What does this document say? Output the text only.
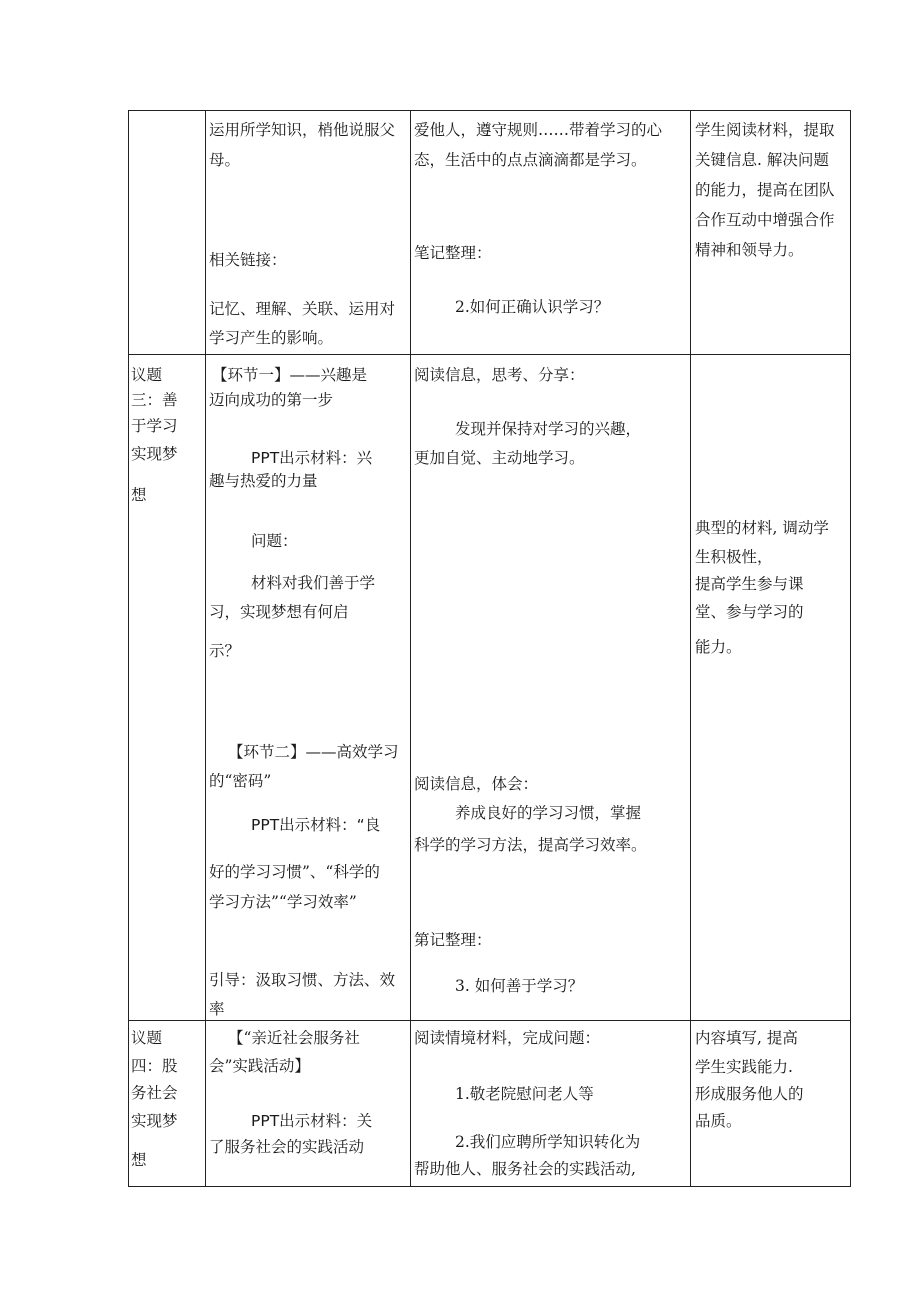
运用所学知识，梢他说服父
母。
相关链接：
记忆、理解、关联、运用对
学习产生的影响。
爱他人，遵守规则……带着学习的心
态，生活中的点点滴滴都是学习。
笔记整理：
2.如何正确认识学习？
学生阅读材料，提取
关键信息. 解决问题
的能力，提高在团队
合作互动中增强合作
精神和领导力。
议题
三：善
于学习
实现梦
想
【环节一】——兴趣是
迈向成功的第一步
PPT出示材料：兴
趣与热爱的力量
问题：
材料对我们善于学
习，实现梦想有何启
示？
【环节二】——高效学习
的“密码”
PPT出示材料：“良
好的学习习惯”、“科学的
学习方法”“学习效率”
引导：汲取习惯、方法、效
率
阅读信息，思考、分享：
发现并保持对学习的兴趣，
更加自觉、主动地学习。
阅读信息，体会：
养成良好的学习习惯，掌握
科学的学习方法，提高学习效率。
第记整理：
3. 如何善于学习？
典型的材料, 调动学
生积极性，
提高学生参与课
堂、参与学习的
能力。
议题
四：股
务社会
实现梦
想
【“亲近社会服务社
会”实践活动】
PPT出示材料：关
了服务社会的实践活动
阅读情境材料，完成问题：
1.敬老院慰问老人等
2.我们应聘所学知识转化为
帮助他人、服务社会的实践活动,
内容填写, 提高
学生实践能力.
形成服务他人的
品质。
